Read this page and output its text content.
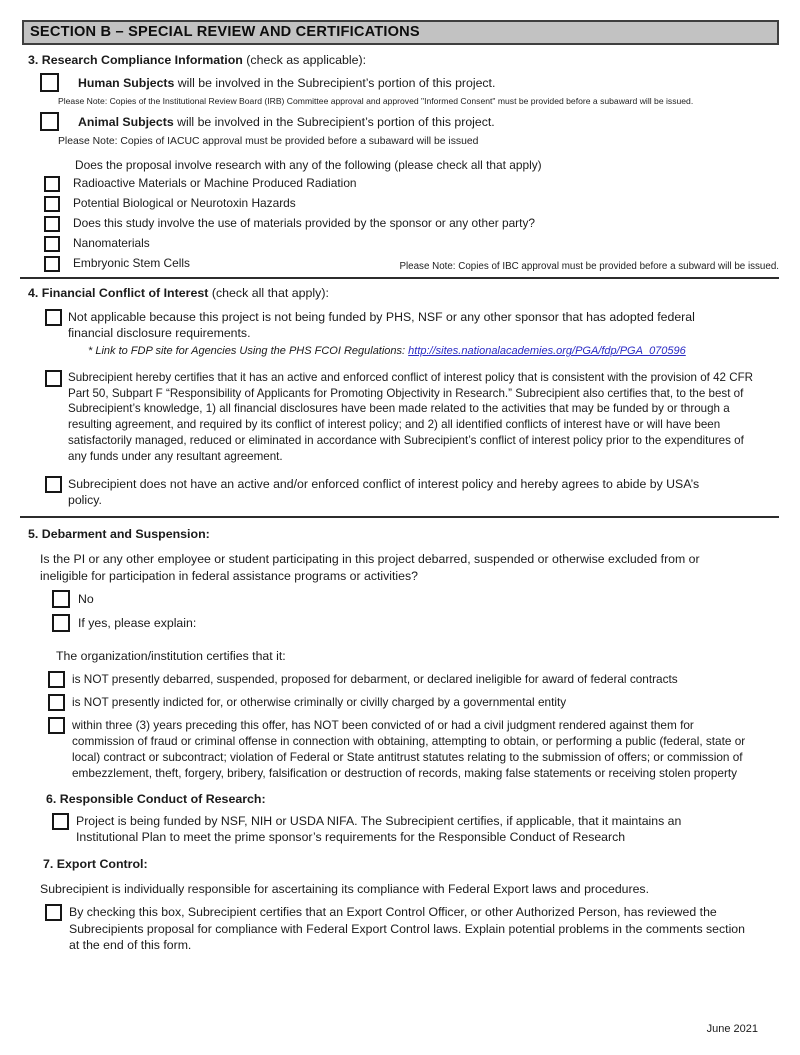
SECTION B – SPECIAL REVIEW AND CERTIFICATIONS
3. Research Compliance Information (check as applicable):
Human Subjects will be involved in the Subrecipient’s portion of this project.
Please Note: Copies of the Institutional Review Board (IRB) Committee approval and approved "Informed Consent" must be provided before a subaward will be issued.
Animal Subjects will be involved in the Subrecipient’s portion of this project.
Please Note: Copies of IACUC approval must be provided before a subaward will be issued
Does the proposal involve research with any of the following (please check all that apply)
Radioactive Materials or Machine Produced Radiation
Potential Biological or Neurotoxin Hazards
Does this study involve the use of materials provided by the sponsor or any other party?
Nanomaterials
Embryonic Stem Cells	Please Note: Copies of IBC approval must be provided before a subward will be issued.
4. Financial Conflict of Interest (check all that apply):
Not applicable because this project is not being funded by PHS, NSF or any other sponsor that has adopted federal financial disclosure requirements.
* Link to FDP site for Agencies Using the PHS FCOI Regulations: http://sites.nationalacademies.org/PGA/fdp/PGA_070596
Subrecipient hereby certifies that it has an active and enforced conflict of interest policy that is consistent with the provision of 42 CFR Part 50, Subpart F “Responsibility of Applicants for Promoting Objectivity in Research.” Subrecipient also certifies that, to the best of Subrecipient’s knowledge, 1) all financial disclosures have been made related to the activities that may be funded by or through a resulting agreement, and required by its conflict of interest policy; and 2) all identified conflicts of interest have or will have been satisfactorily managed, reduced or eliminated in accordance with Subrecipient’s conflict of interest policy prior to the expenditures of any funds under any resultant agreement.
Subrecipient does not have an active and/or enforced conflict of interest policy and hereby agrees to abide by USA’s policy.
5. Debarment and Suspension:
Is the PI or any other employee or student participating in this project debarred, suspended or otherwise excluded from or ineligible for participation in federal assistance programs or activities?
No
If yes, please explain:
The organization/institution certifies that it:
is NOT presently debarred, suspended, proposed for debarment, or declared ineligible for award of federal contracts
is NOT presently indicted for, or otherwise criminally or civilly charged by a governmental entity
within three (3) years preceding this offer, has NOT been convicted of or had a civil judgment rendered against them for commission of fraud or criminal offense in connection with obtaining, attempting to obtain, or performing a public (federal, state or local) contract or subcontract; violation of Federal or State antitrust statutes relating to the submission of offers; or commission of embezzlement, theft, forgery, bribery, falsification or destruction of records, making false statements or receiving stolen property
6. Responsible Conduct of Research:
Project is being funded by NSF, NIH or USDA NIFA. The Subrecipient certifies, if applicable, that it maintains an Institutional Plan to meet the prime sponsor’s requirements for the Responsible Conduct of Research
7. Export Control:
Subrecipient is individually responsible for ascertaining its compliance with Federal Export laws and procedures.
By checking this box, Subrecipient certifies that an Export Control Officer, or other Authorized Person, has reviewed the Subrecipients proposal for compliance with Federal Export Control laws. Explain potential problems in the comments section at the end of this form.
June 2021
